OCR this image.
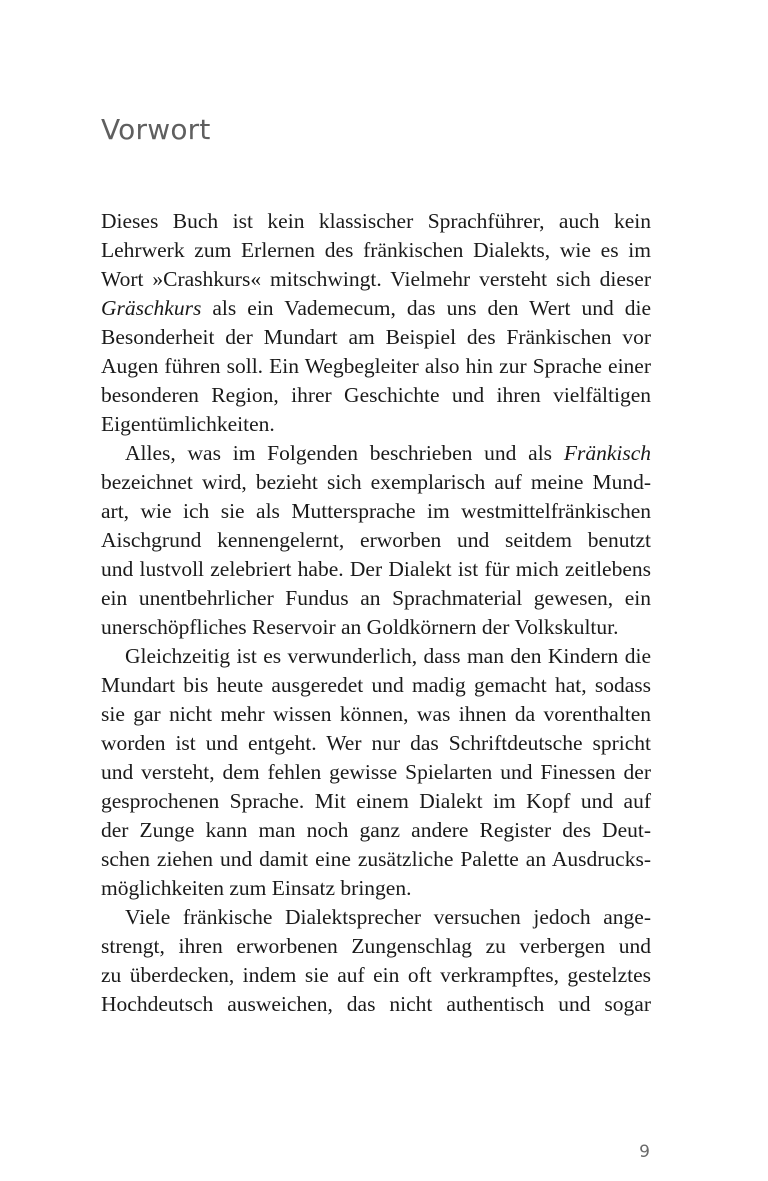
Vorwort
Dieses Buch ist kein klassischer Sprachführer, auch kein
Lehrwerk zum Erlernen des fränkischen Dialekts, wie es im
Wort »Crashkurs« mitschwingt. Vielmehr versteht sich dieser
Gräschkurs als ein Vademecum, das uns den Wert und die
Besonderheit der Mundart am Beispiel des Fränkischen vor
Augen führen soll. Ein Wegbegleiter also hin zur Sprache einer
besonderen Region, ihrer Geschichte und ihren vielfältigen
Eigentümlichkeiten.
Alles, was im Folgenden beschrieben und als Fränkisch
bezeichnet wird, bezieht sich exemplarisch auf meine Mund-
art, wie ich sie als Muttersprache im westmittelfränkischen
Aischgrund kennengelernt, erworben und seitdem benutzt
und lustvoll zelebriert habe. Der Dialekt ist für mich zeitlebens
ein unentbehrlicher Fundus an Sprachmaterial gewesen, ein
unerschöpfliches Reservoir an Goldkörnern der Volkskultur.
Gleichzeitig ist es verwunderlich, dass man den Kindern die
Mundart bis heute ausgeredet und madig gemacht hat, sodass
sie gar nicht mehr wissen können, was ihnen da vorenthalten
worden ist und entgeht. Wer nur das Schriftdeutsche spricht
und versteht, dem fehlen gewisse Spielarten und Finessen der
gesprochenen Sprache. Mit einem Dialekt im Kopf und auf
der Zunge kann man noch ganz andere Register des Deut-
schen ziehen und damit eine zusätzliche Palette an Ausdrucks-
möglichkeiten zum Einsatz bringen.
Viele fränkische Dialektsprecher versuchen jedoch ange-
strengt, ihren erworbenen Zungenschlag zu verbergen und
zu überdecken, indem sie auf ein oft verkrampftes, gestelztes
Hochdeutsch ausweichen, das nicht authentisch und sogar
9
